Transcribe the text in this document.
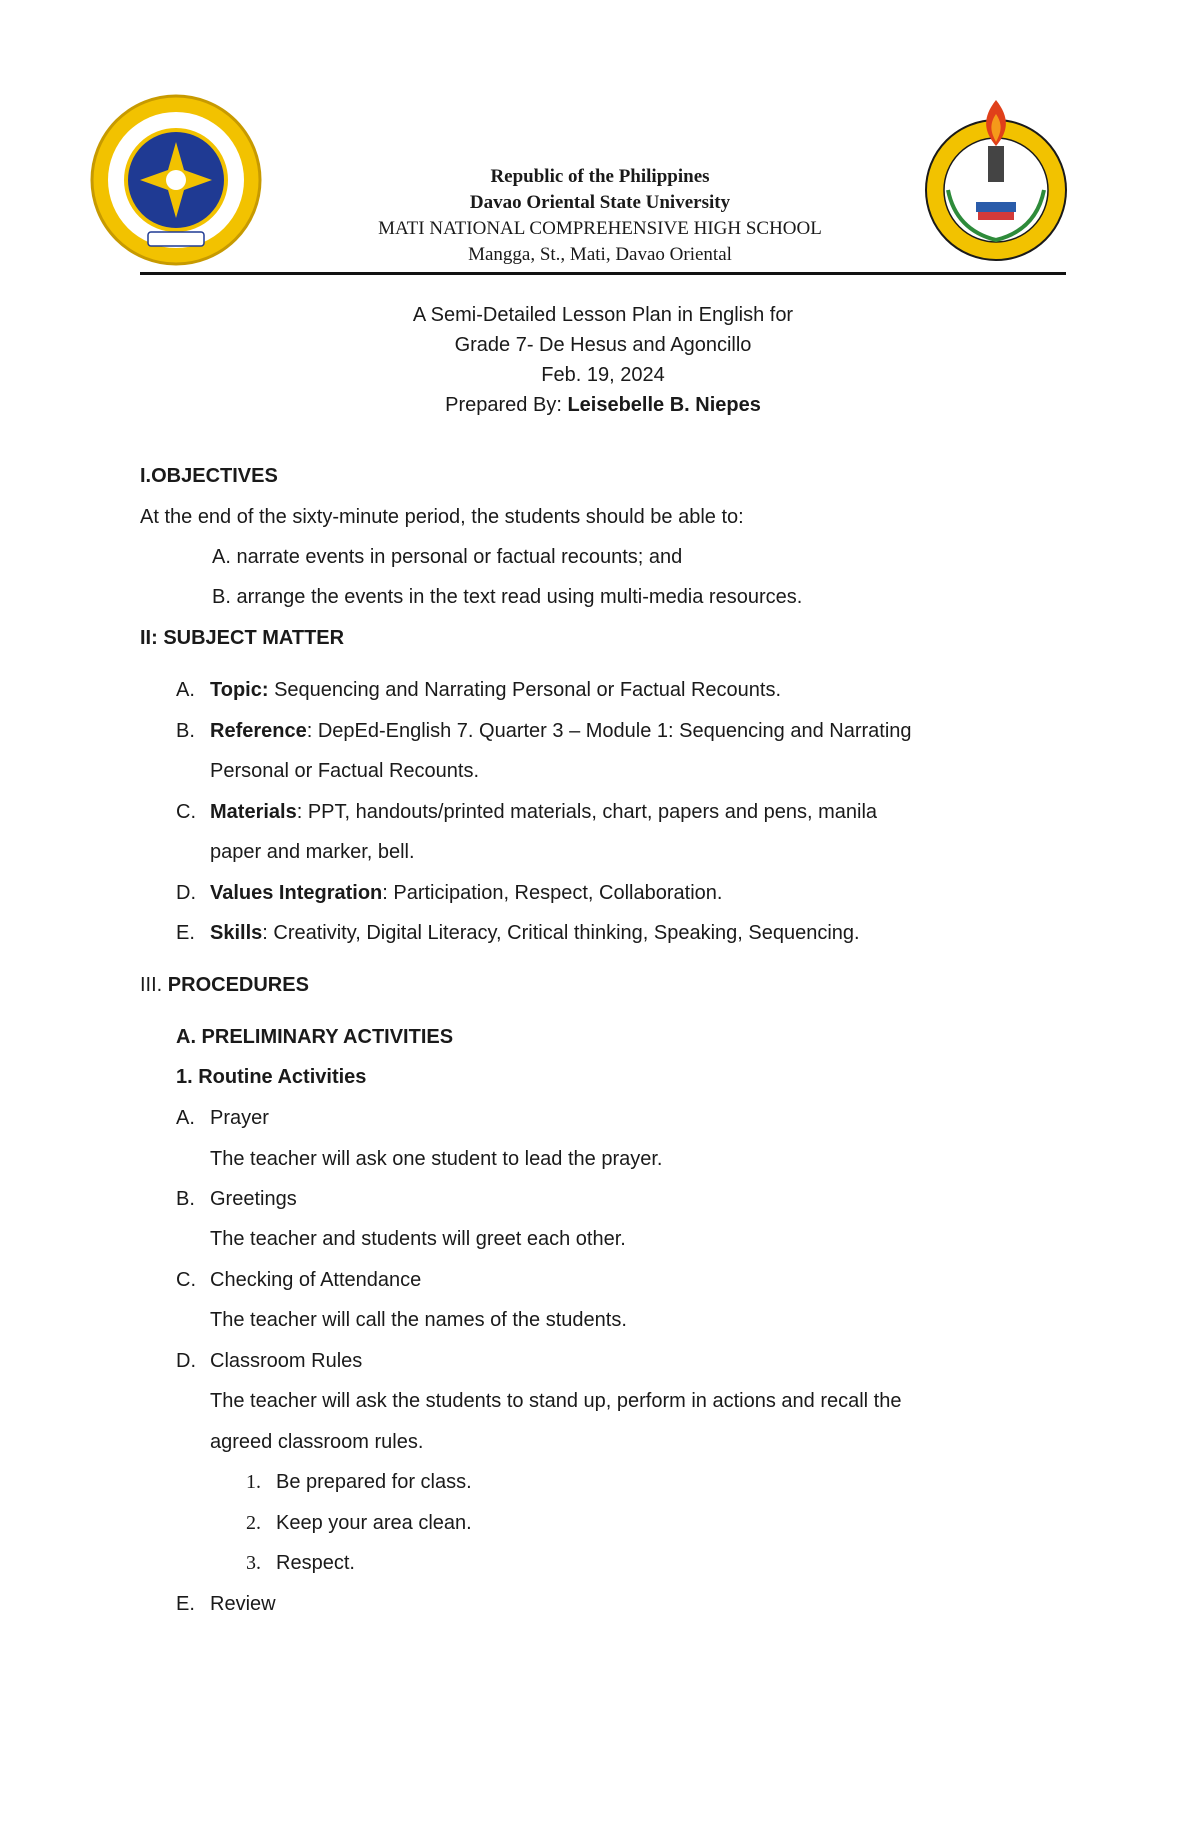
Republic of the Philippines
Davao Oriental State University
MATI NATIONAL COMPREHENSIVE HIGH SCHOOL
Mangga, St., Mati, Davao Oriental
A Semi-Detailed Lesson Plan in English for
Grade 7- De Hesus and Agoncillo
Feb. 19, 2024
Prepared By: Leisebelle B. Niepes
I.OBJECTIVES
At the end of the sixty-minute period, the students should be able to:
A. narrate events in personal or factual recounts; and
B. arrange the events in the text read using multi-media resources.
II: SUBJECT MATTER
A. Topic: Sequencing and Narrating Personal or Factual Recounts.
B. Reference: DepEd-English 7. Quarter 3 – Module 1: Sequencing and Narrating
Personal or Factual Recounts.
C. Materials: PPT, handouts/printed materials, chart, papers and pens, manila
paper and marker, bell.
D. Values Integration: Participation, Respect, Collaboration.
E. Skills: Creativity, Digital Literacy, Critical thinking, Speaking, Sequencing.
III. PROCEDURES
A. PRELIMINARY ACTIVITIES
1. Routine Activities
A. Prayer
The teacher will ask one student to lead the prayer.
B. Greetings
The teacher and students will greet each other.
C. Checking of Attendance
The teacher will call the names of the students.
D. Classroom Rules
The teacher will ask the students to stand up, perform in actions and recall the
agreed classroom rules.
1. Be prepared for class.
2. Keep your area clean.
3. Respect.
E. Review
